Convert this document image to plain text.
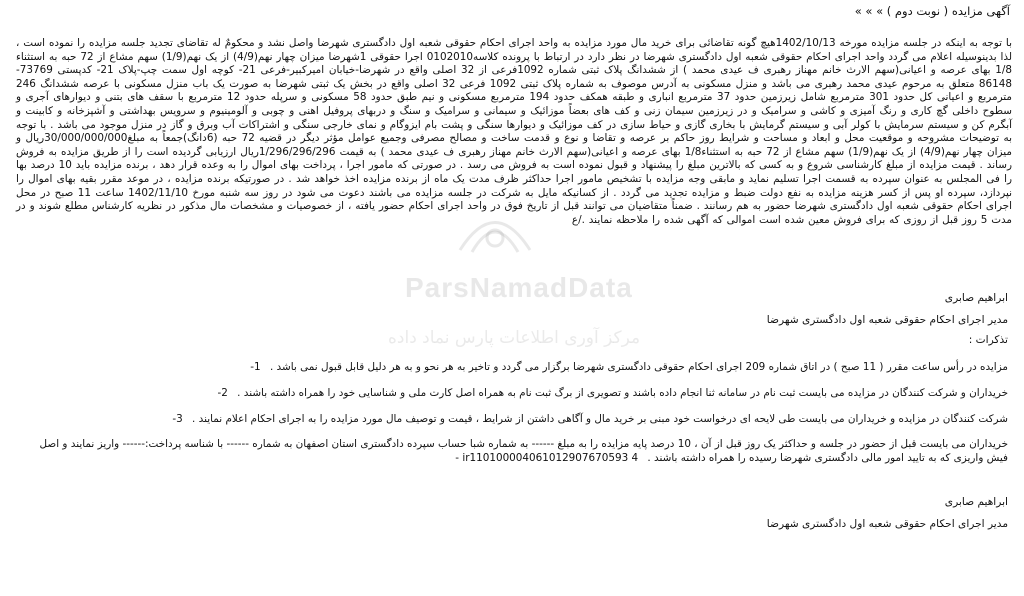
آگهی مزایده ( نوبت دوم ) » » »
با توجه به اینکه در جلسه مزایده مورخه 1402/10/13هیچ گونه تقاضائی برای خرید مال مورد مزایده به واحد اجرای احکام حقوقی شعبه اول دادگستری شهرضا واصل نشد و محکومٌ له تقاضای تجدید جلسه مزایده را نموده است ، لذا بدینوسیله اعلام می گردد واحد اجرای احکام حقوقی شعبه اول دادگستری شهرضا در نظر دارد در ارتباط با پرونده کلاسه0102010 اجرا حقوقی 1شهرضا میزان چهار نهم(4/9) از یک نهم(1/9) سهم مشاع از 72 حبه به استثناء 1/8 بهای عرصه و اعیانی(سهم الارث خانم مهناز رهبری ف عیدی محمد ) از ششدانگ پلاک ثبتی شماره 1092فرعی از 32 اصلی واقع در شهرضا-خیابان امیرکبیر-فرعی 21- کوچه اول سمت چپ-پلاک 21- کدپستی 73769- 86148 متعلق به مرحوم عیدی محمد رهبری می باشد و منزل مسکونی به آدرس موصوف به شماره پلاک ثبتی 1092 فرعی 32 اصلی واقع در بخش یک ثبتی شهرضا به صورت یک باب منزل مسکونی با عرصه ششدانگ 246 مترمربع و اعیانی کل حدود 301 مترمربع شامل زیرزمین حدود 37 مترمربع انباری و طبقه همکف حدود 194 مترمربع مسکونی و نیم طبق حدود 58 مسکونی و سرپله حدود 12 مترمربع با سقف های بتنی و دیوارهای آجری و سطوح داخلی گچ کاری و رنگ آمیزی و کاشی و سرامیک و در زیرزمین سیمان زنی و کف های بعضاً موزائیک و سیمانی و سرامیک و سنگ و دربهای پروفیل اهنی و چوبی و آلومینیوم و سرویس بهداشتی و آشپزخانه و کابینت و آبگرم کن و سیستم سرمایش با کولر آبی و سیستم گرمایش با بخاری گازی و حیاط سازی در کف موزائیک و دیوارها سنگی و پشت بام ایزوگام و نمای خارجی سنگی و اشتراکات آب وبرق و گاز در منزل موجود می باشد . با توجه به توضیحات مشروحه و موقعیت محل و ابعاد و مساحت و شرایط روز حاکم بر عرصه و تقاضا و نوع و قدمت ساخت و مصالح مصرفی وجمیع عوامل مؤثر دیگر در قضیه 72 حبه (6دانگ)جمعاً به مبلغ30/000/000/000ریال و میزان چهار نهم(4/9) از یک نهم(1/9) سهم مشاع از 72 حبه به استثناء1/8 بهای عرصه و اعیانی(سهم الارث خانم مهناز رهبری ف عیدی محمد ) به قیمت 1/296/296/296ریال ارزیابی گردیده است را از طریق مزایده به فروش رساند . قیمت مزایده از مبلغ کارشناسی شروع و به کسی که بالاترین مبلغ را پیشنهاد و قبول نموده است به فروش می رسد . در صورتی که مامور اجرا ، پرداخت بهای اموال را به وعده قرار دهد ، برنده مزایده باید 10 درصد بها را فی المجلس به عنوان سپرده به قسمت اجرا تسلیم نماید و مابقی وجه مزایده با تشخیص مامور اجرا حداکثر ظرف مدت یک ماه از برنده مزایده اخذ خواهد شد . در صورتیکه برنده مزایده ، در موعد مقرر بقیه بهای اموال را نپردازد، سپرده او پس از کسر هزینه مزایده به نفع دولت ضبط و مزایده تجدید می گردد . از کسانیکه مایل به شرکت در جلسه مزایده می باشند دعوت می شود در روز سه شنبه مورخ 1402/11/10 ساعت 11 صبح در محل اجرای احکام حقوقی شعبه اول دادگستری شهرضا حضور به هم رسانند . ضمناً متقاضیان می توانند قبل از تاریخ فوق در واحد اجرای احکام حضور یافته ، از خصوصیات و مشخصات مال مذکور در نظریه کارشناس مطلع شوند و در مدت 5 روز قبل از روزی که برای فروش معین شده است اموالی که آگهی شده را ملاحظه نمایند ./ع
ابراهیم صابری
مدیر اجرای احکام حقوقی شعبه اول دادگستری شهرضا
تذکرات :
مزایده در رأس ساعت مقرر ( 11 صبح ) در اتاق شماره 209 اجرای احکام حقوقی دادگستری شهرضا برگزار می گردد و تاخیر به هر نحو و به هر دلیل قابل قبول نمی باشد . 1-
خریداران و شرکت کنندگان در مزایده می بایست ثبت نام در سامانه ثنا انجام داده باشند و تصویری از برگ ثبت نام به همراه اصل کارت ملی و شناسایی خود را همراه داشته باشند . 2-
شرکت کنندگان در مزایده و خریداران می بایست طی لایحه ای درخواست خود مبنی بر خرید مال و آگاهی داشتن از شرایط ، قیمت و توصیف مال مورد مزایده را به اجرای احکام اعلام نمایند . 3-
خریداران می بایست قبل از حضور در جلسه و حداکثر یک روز قبل از آن ، 10 درصد پایه مزایده را به مبلغ ------ به شماره شبا حساب سپرده دادگستری استان اصفهان به شماره ------ با شناسه پرداخت:------ واریز نمایند و اصل فیش واریزی که به تایید امور مالی دادگستری شهرضا رسیده را همراه داشته باشند . ir110100004061012907670593 4 -
ابراهیم صابری
مدیر اجرای احکام حقوقی شعبه اول دادگستری شهرضا
ParsNamadData
مرکز آوری اطلاعات پارس نماد داده
